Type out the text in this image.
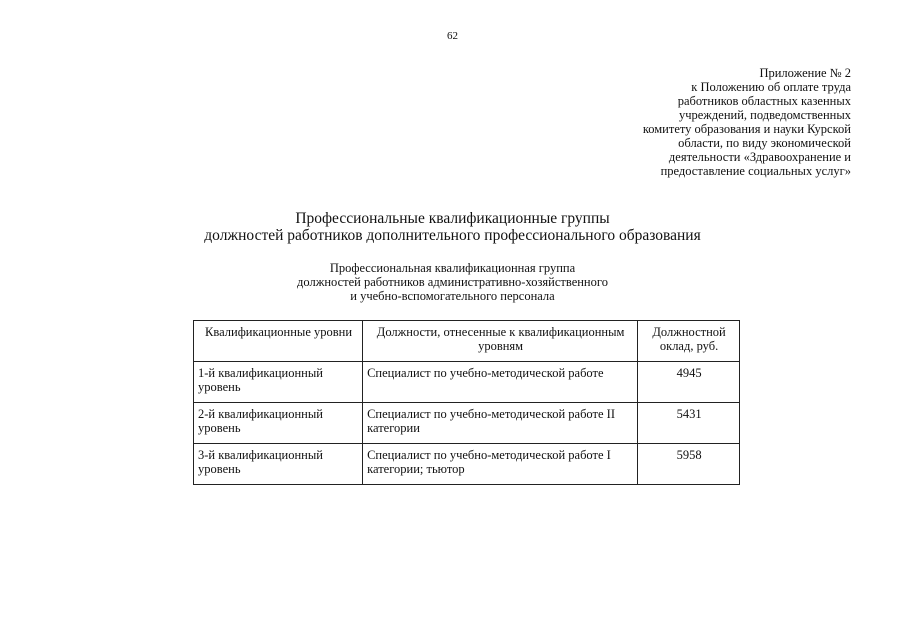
62
Приложение № 2
к Положению об оплате труда
работников областных казенных
учреждений, подведомственных
комитету образования и науки Курской
области, по виду экономической
деятельности «Здравоохранение и
предоставление социальных услуг»
Профессиональные квалификационные группы
должностей работников дополнительного профессионального образования
Профессиональная квалификационная группа
должностей работников административно-хозяйственного
и учебно-вспомогательного персонала
Квалификационные уровни	Должности, отнесенные к квалификационным уровням	Должностной оклад, руб.
1-й квалификационный уровень	Специалист по учебно-методической работе	4945
2-й квалификационный уровень	Специалист по учебно-методической работе II категории	5431
3-й квалификационный уровень	Специалист по учебно-методической работе I категории; тьютор	5958
